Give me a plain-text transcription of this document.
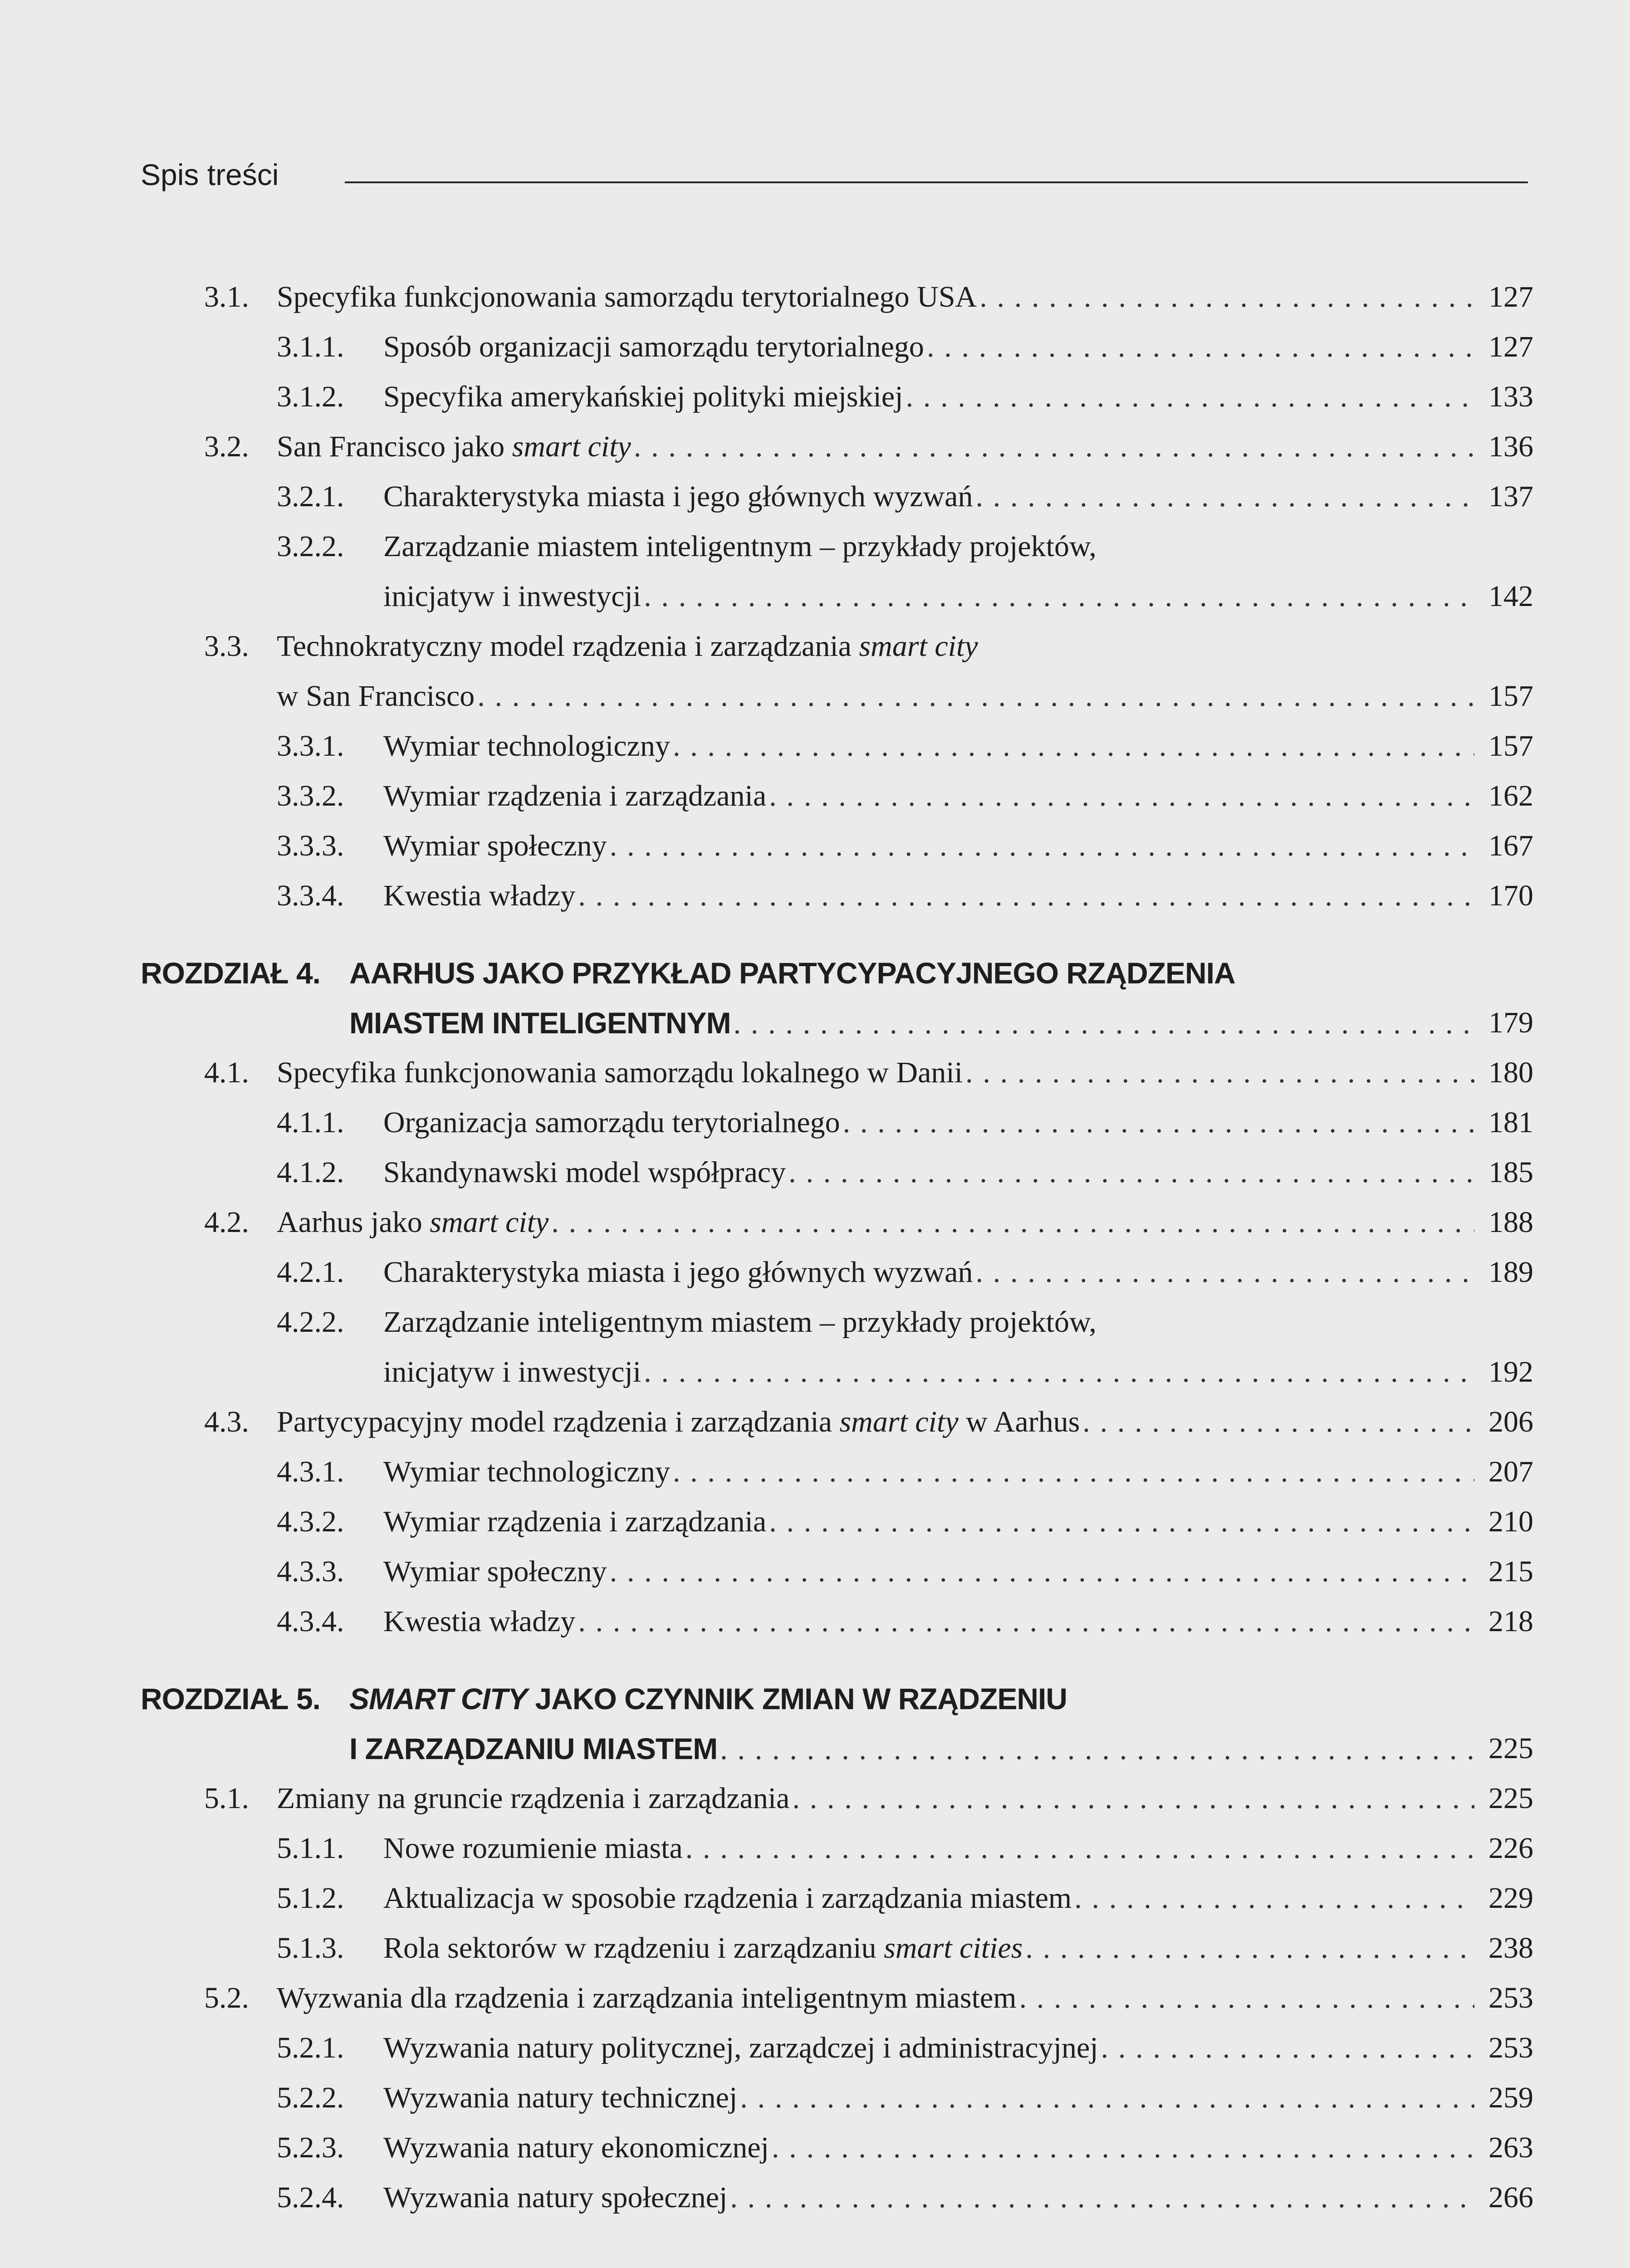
Spis treści
3.1. Specyfika funkcjonowania samorządu terytorialnego USA .....	127
3.1.1. Sposób organizacji samorządu terytorialnego .....	127
3.1.2. Specyfika amerykańskiej polityki miejskiej .....	133
3.2. San Francisco jako smart city .....	136
3.2.1. Charakterystyka miasta i jego głównych wyzwań .....	137
3.2.2. Zarządzanie miastem inteligentnym – przykłady projektów,
inicjatyw i inwestycji .....	142
3.3. Technokratyczny model rządzenia i zarządzania smart city
w San Francisco .....	157
3.3.1. Wymiar technologiczny .....	157
3.3.2. Wymiar rządzenia i zarządzania .....	162
3.3.3. Wymiar społeczny .....	167
3.3.4. Kwestia władzy .....	170
ROZDZIAŁ 4. AARHUS JAKO PRZYKŁAD PARTYCYPACYJNEGO RZĄDZENIA
MIASTEM INTELIGENTNYM .....	179
4.1. Specyfika funkcjonowania samorządu lokalnego w Danii .....	180
4.1.1. Organizacja samorządu terytorialnego .....	181
4.1.2. Skandynawski model współpracy .....	185
4.2. Aarhus jako smart city .....	188
4.2.1. Charakterystyka miasta i jego głównych wyzwań .....	189
4.2.2. Zarządzanie inteligentnym miastem – przykłady projektów,
inicjatyw i inwestycji .....	192
4.3. Partycypacyjny model rządzenia i zarządzania smart city w Aarhus .....	206
4.3.1. Wymiar technologiczny .....	207
4.3.2. Wymiar rządzenia i zarządzania .....	210
4.3.3. Wymiar społeczny .....	215
4.3.4. Kwestia władzy .....	218
ROZDZIAŁ 5. SMART CITY JAKO CZYNNIK ZMIAN W RZĄDZENIU
I ZARZĄDZANIU MIASTEM .....	225
5.1. Zmiany na gruncie rządzenia i zarządzania .....	225
5.1.1. Nowe rozumienie miasta .....	226
5.1.2. Aktualizacja w sposobie rządzenia i zarządzania miastem .....	229
5.1.3. Rola sektorów w rządzeniu i zarządzaniu smart cities .....	238
5.2. Wyzwania dla rządzenia i zarządzania inteligentnym miastem .....	253
5.2.1. Wyzwania natury politycznej, zarządczej i administracyjnej .....	253
5.2.2. Wyzwania natury technicznej .....	259
5.2.3. Wyzwania natury ekonomicznej .....	263
5.2.4. Wyzwania natury społecznej .....	266
